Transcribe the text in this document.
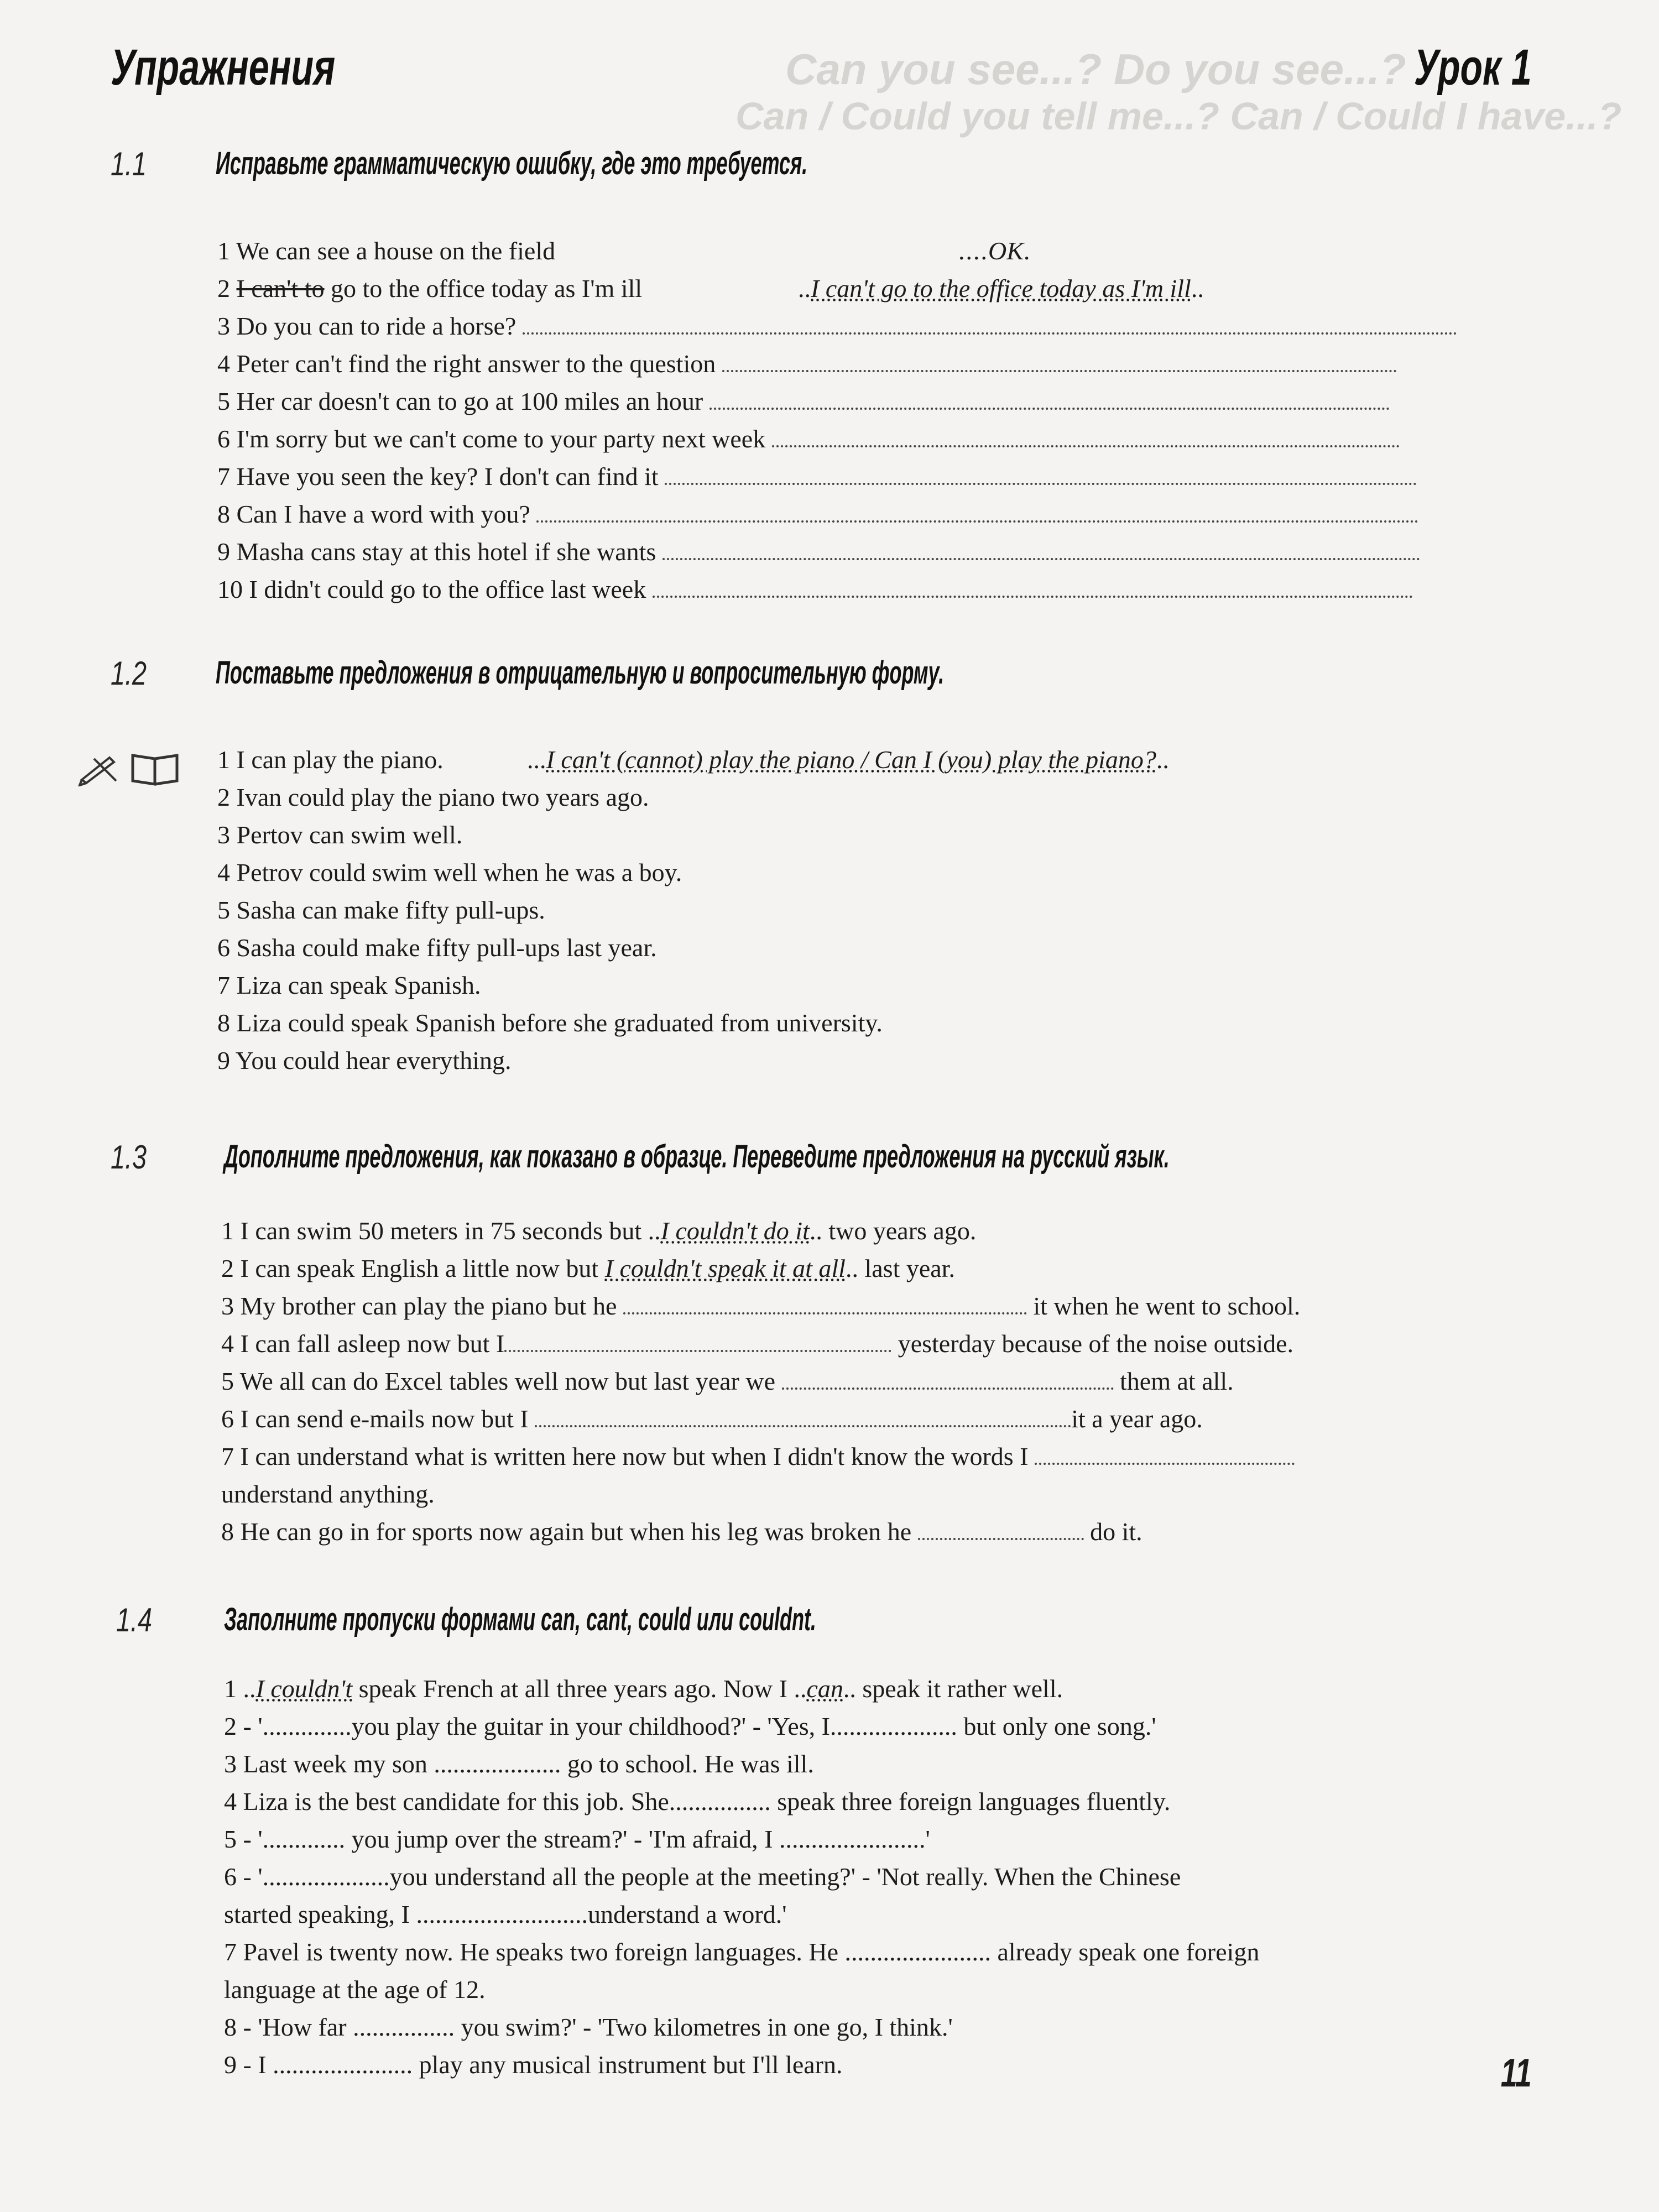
Can you see...? Do you see...?
Can / Could you tell me...? Can / Could I have...?
Упражнения	Урок 1
1.1 Исправьте грамматическую ошибку, где это требуется.
1 We can see a house on the field	....OK.
2 I can't to go to the office today as I'm ill	..I can't go to the office today as I'm ill..
3 Do you can to ride a horse?
4 Peter can't find the right answer to the question
5 Her car doesn't can to go at 100 miles an hour
6 I'm sorry but we can't come to your party next week
7 Have you seen the key? I don't can find it
8 Can I have a word with you?
9 Masha cans stay at this hotel if she wants
10 I didn't could go to the office last week
1.2 Поставьте предложения в отрицательную и вопросительную форму.
1 I can play the piano.	...I can't (cannot) play the piano / Can I (you) play the piano?..
2 Ivan could play the piano two years ago.
3 Pertov can swim well.
4 Petrov could swim well when he was a boy.
5 Sasha can make fifty pull-ups.
6 Sasha could make fifty pull-ups last year.
7 Liza can speak Spanish.
8 Liza could speak Spanish before she graduated from university.
9 You could hear everything.
1.3 Дополните предложения, как показано в образце. Переведите предложения на русский язык.
1 I can swim 50 meters in 75 seconds but ..I couldn't do it.. two years ago.
2 I can speak English a little now but I couldn't speak it at all.. last year.
3 My brother can play the piano but he	it when he went to school.
4 I can fall asleep now but I	yesterday because of the noise outside.
5 We all can do Excel tables well now but last year we	them at all.
6 I can send e-mails now but I	it a year ago.
7 I can understand what is written here now but when I didn't know the words I
understand anything.
8 He can go in for sports now again but when his leg was broken he	do it.
1.4 Заполните пропуски формами can, cant, could или couldnt.
1 ..I couldn't speak French at all three years ago. Now I ..can.. speak it rather well.
2 - '..............you play the guitar in your childhood?' - 'Yes, I.................... but only one song.'
3 Last week my son .................... go to school. He was ill.
4 Liza is the best candidate for this job. She................ speak three foreign languages fluently.
5 - '............. you jump over the stream?' - 'I'm afraid, I .......................'
6 - '....................you understand all the people at the meeting?' - 'Not really. When the Chinese
started speaking, I ...........................understand a word.'
7 Pavel is twenty now. He speaks two foreign languages. He ....................... already speak one foreign
language at the age of 12.
8 - 'How far ................ you swim?' - 'Two kilometres in one go, I think.'
9 - I ...................... play any musical instrument but I'll learn.	11
